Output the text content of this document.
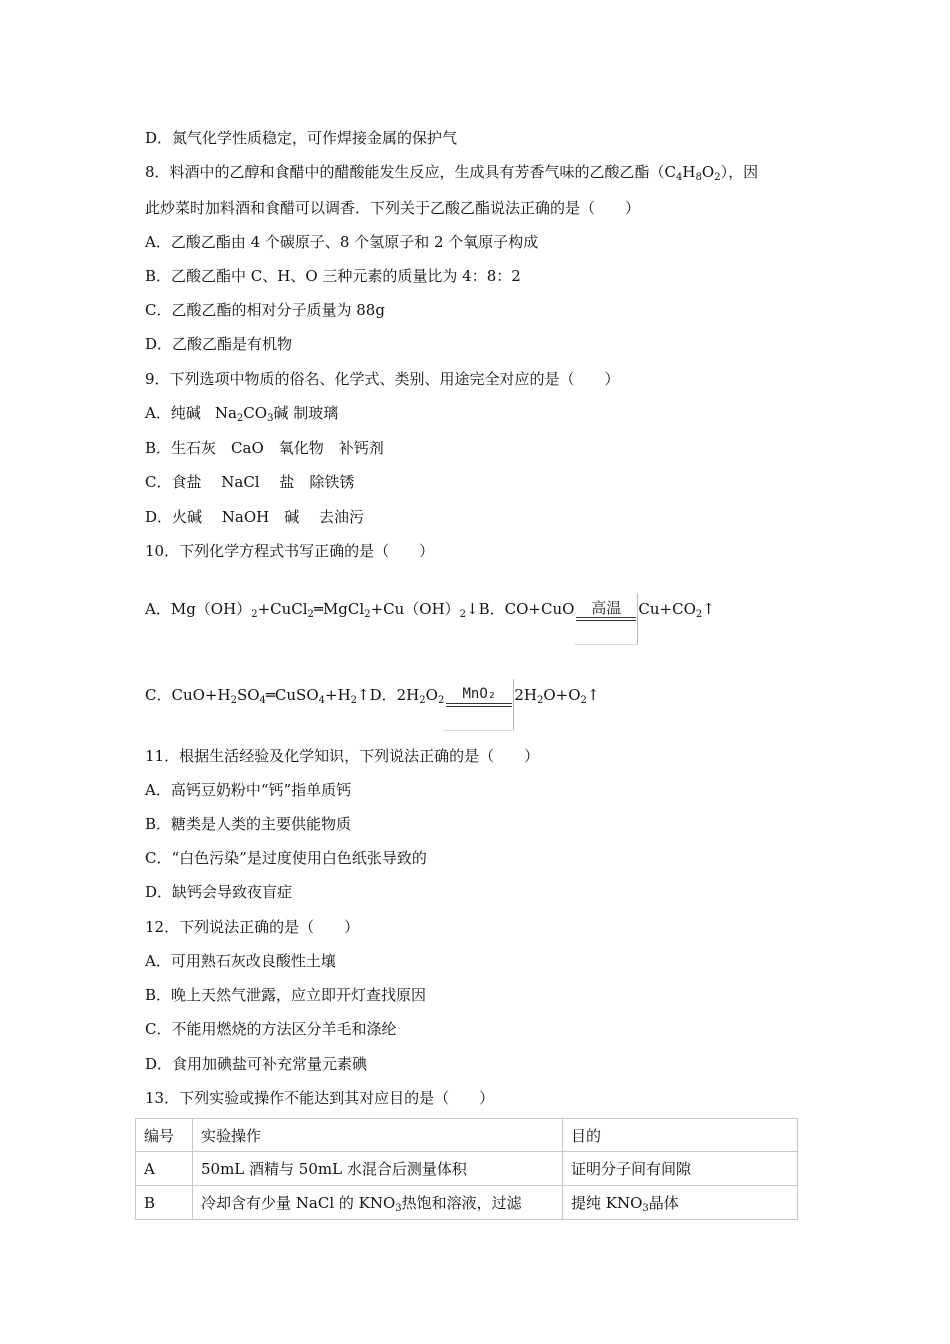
D．氮气化学性质稳定，可作焊接金属的保护气
8．料酒中的乙醇和食醋中的醋酸能发生反应，生成具有芳香气味的乙酸乙酯$(C_4H_8O_2)$，因
此炒菜时加料酒和食醋可以调香．下列关于乙酸乙酯说法正确的是（　　）
A．乙酸乙酯由 4 个碳原子、8 个氢原子和 2 个氧原子构成
B．乙酸乙酯中 C、H、O 三种元素的质量比为 4：8：2
C．乙酸乙酯的相对分子质量为 88g
D．乙酸乙酯是有机物
9．下列选项中物质的俗名、化学式、类别、用途完全对应的是（　　）
A．纯碱 $Na_2CO_3$碱 制玻璃
B．生石灰　CaO　氧化物　补钙剂
C．食盐　 NaCl　 盐　除铁锈
D．火碱　 NaOH　碱　 去油污
10．下列化学方程式书写正确的是（　　）
A．$Mg(OH)_2+CuCl_2═MgCl_2+Cu(OH)_2↓B$．CO+CuO	高温	$Cu+CO_2↑$
C．$CuO+H_2SO_4═CuSO_4+H_2↑D$．$2H_2O_2$	MnO₂	$2H_2O+O_2↑$
11．根据生活经验及化学知识，下列说法正确的是（　　）
A．高钙豆奶粉中“钙”指单质钙
B．糖类是人类的主要供能物质
C．“白色污染”是过度使用白色纸张导致的
D．缺钙会导致夜盲症
12．下列说法正确的是（　　）
A．可用熟石灰改良酸性土壤
B．晚上天然气泄露，应立即开灯查找原因
C．不能用燃烧的方法区分羊毛和涤纶
D．食用加碘盐可补充常量元素碘
13．下列实验或操作不能达到其对应目的是（　　）
编号	实验操作	目的
A	50mL 酒精与 50mL 水混合后测量体积	证明分子间有间隙
B	冷却含有少量 NaCl 的 $KNO_3$热饱和溶液，过滤	提纯 $KNO_3$晶体
